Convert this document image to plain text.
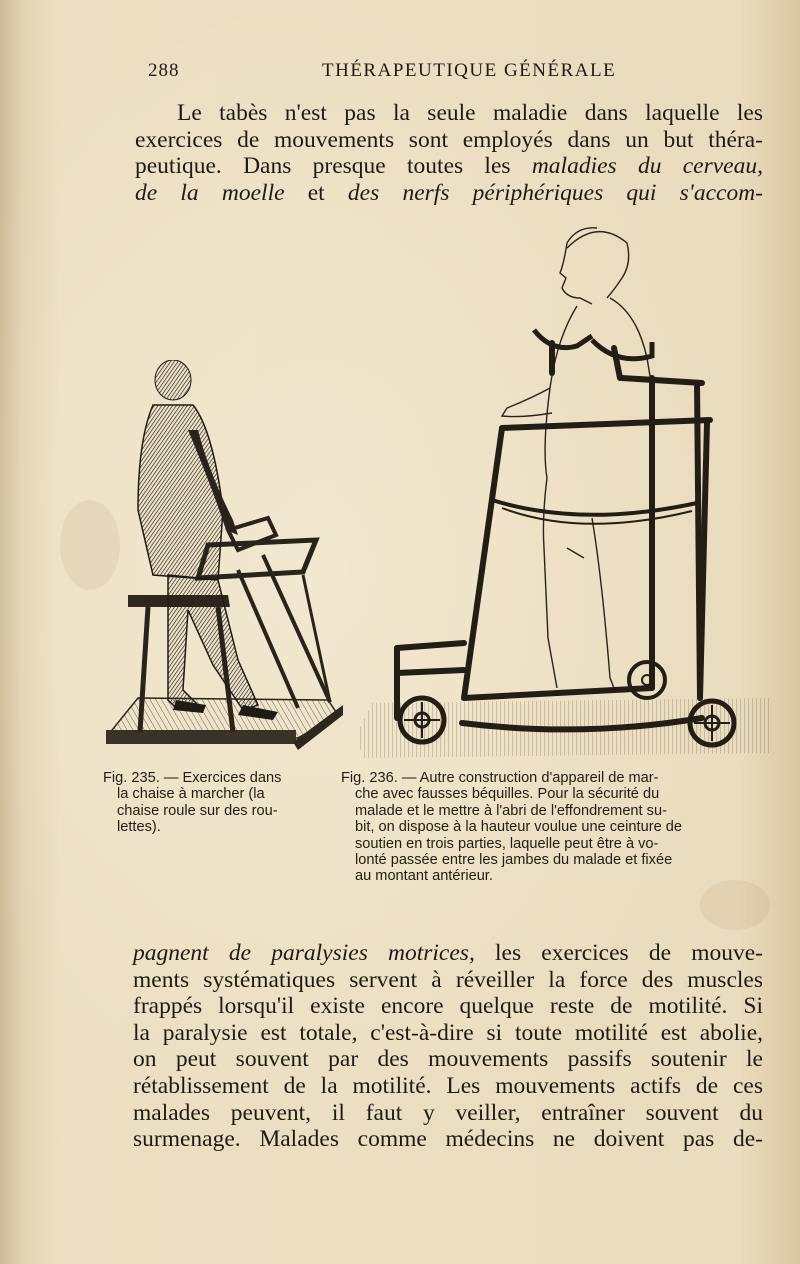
288	THÉRAPEUTIQUE GÉNÉRALE
Le tabès n'est pas la seule maladie dans laquelle les
exercices de mouvements sont employés dans un but théra-
peutique. Dans presque toutes les maladies du cerveau,
de la moelle et des nerfs périphériques qui s'accom-
Fig. 235. — Exercices dans
la chaise à marcher (la
chaise roule sur des rou-
lettes).
Fig. 236. — Autre construction d'appareil de mar-
che avec fausses béquilles. Pour la sécurité du
malade et le mettre à l'abri de l'effondrement su-
bit, on dispose à la hauteur voulue une ceinture de
soutien en trois parties, laquelle peut être à vo-
lonté passée entre les jambes du malade et fixée
au montant antérieur.
pagnent de paralysies motrices, les exercices de mouve-
ments systématiques servent à réveiller la force des muscles
frappés lorsqu'il existe encore quelque reste de motilité. Si
la paralysie est totale, c'est-à-dire si toute motilité est abolie,
on peut souvent par des mouvements passifs soutenir le
rétablissement de la motilité. Les mouvements actifs de ces
malades peuvent, il faut y veiller, entraîner souvent du
surmenage. Malades comme médecins ne doivent pas de-
